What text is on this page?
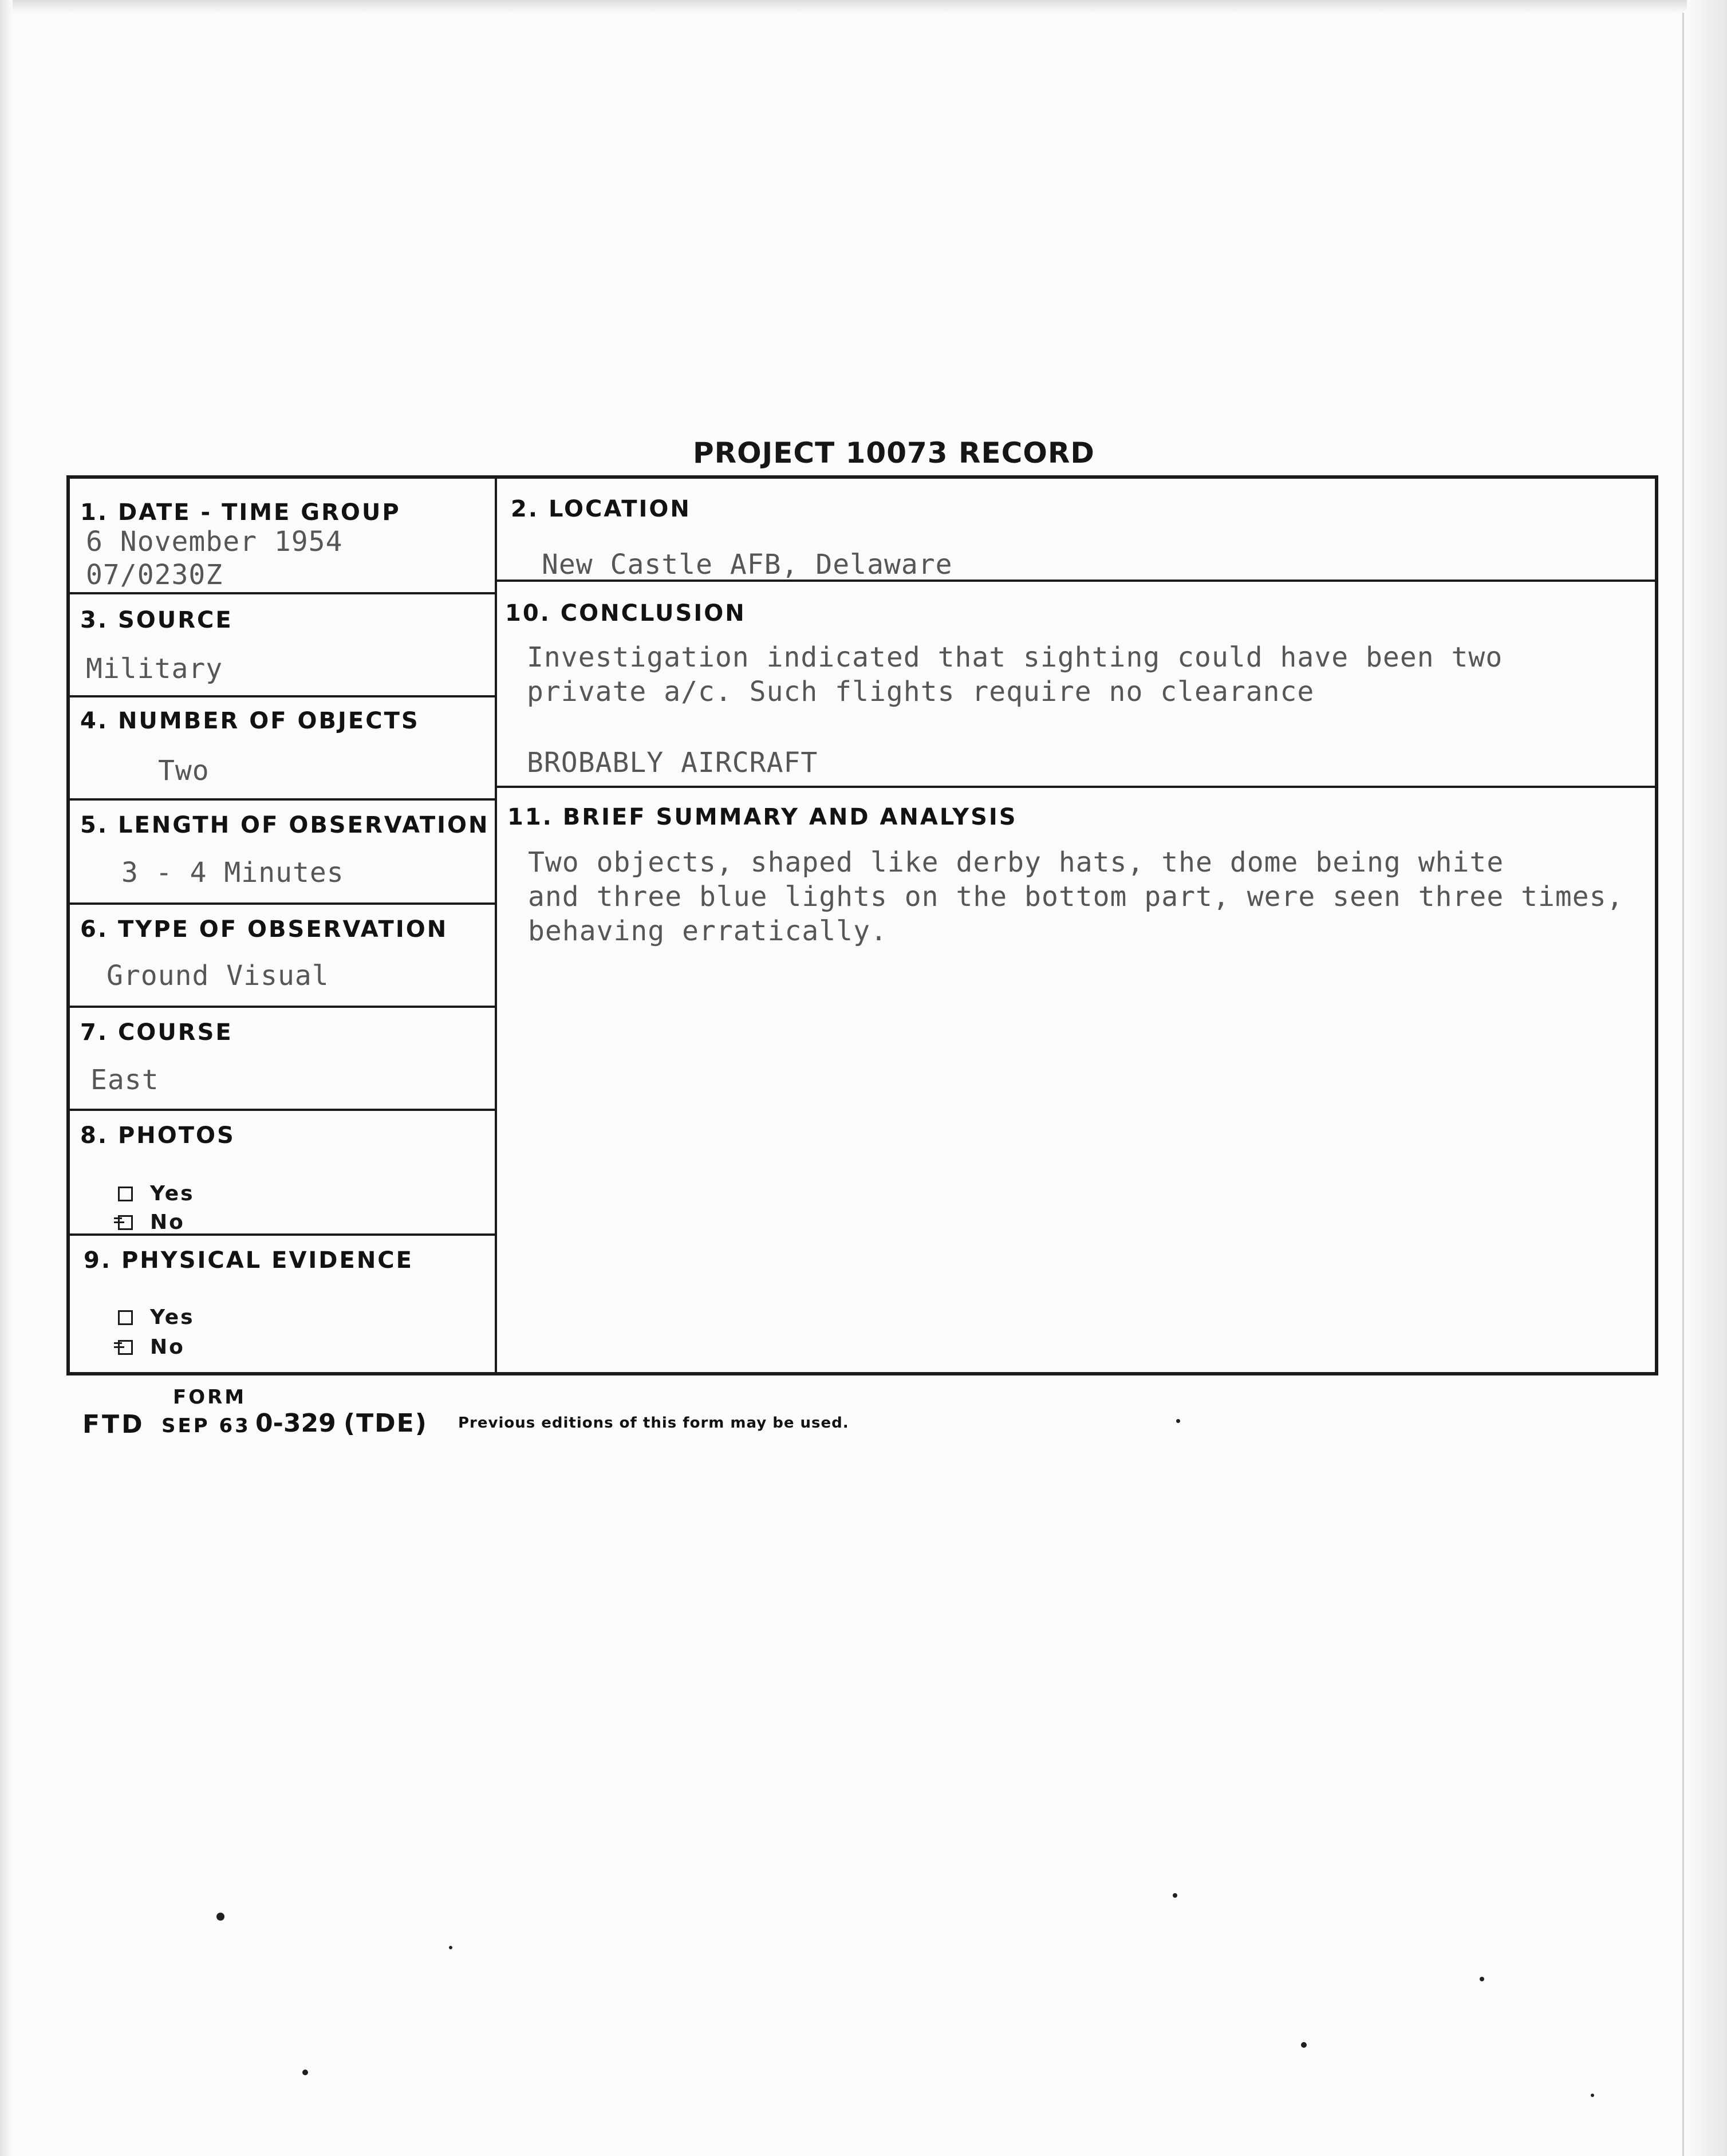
PROJECT 10073 RECORD
1. DATE - TIME GROUP
6 November 1954
07/0230Z
2. LOCATION
New Castle AFB, Delaware
3. SOURCE
Military
4. NUMBER OF OBJECTS
Two
5. LENGTH OF OBSERVATION
3 - 4 Minutes
6. TYPE OF OBSERVATION
Ground Visual
7. COURSE
East
8. PHOTOS
Yes
No
9. PHYSICAL EVIDENCE
Yes
No
10. CONCLUSION
Investigation indicated that sighting could have been two
private a/c. Such flights require no clearance
BROBABLY AIRCRAFT
11. BRIEF SUMMARY AND ANALYSIS
Two objects, shaped like derby hats, the dome being white
and three blue lights on the bottom part, were seen three times,
behaving erratically.
FORM
FTD SEP 63 0-329 (TDE) Previous editions of this form may be used.
